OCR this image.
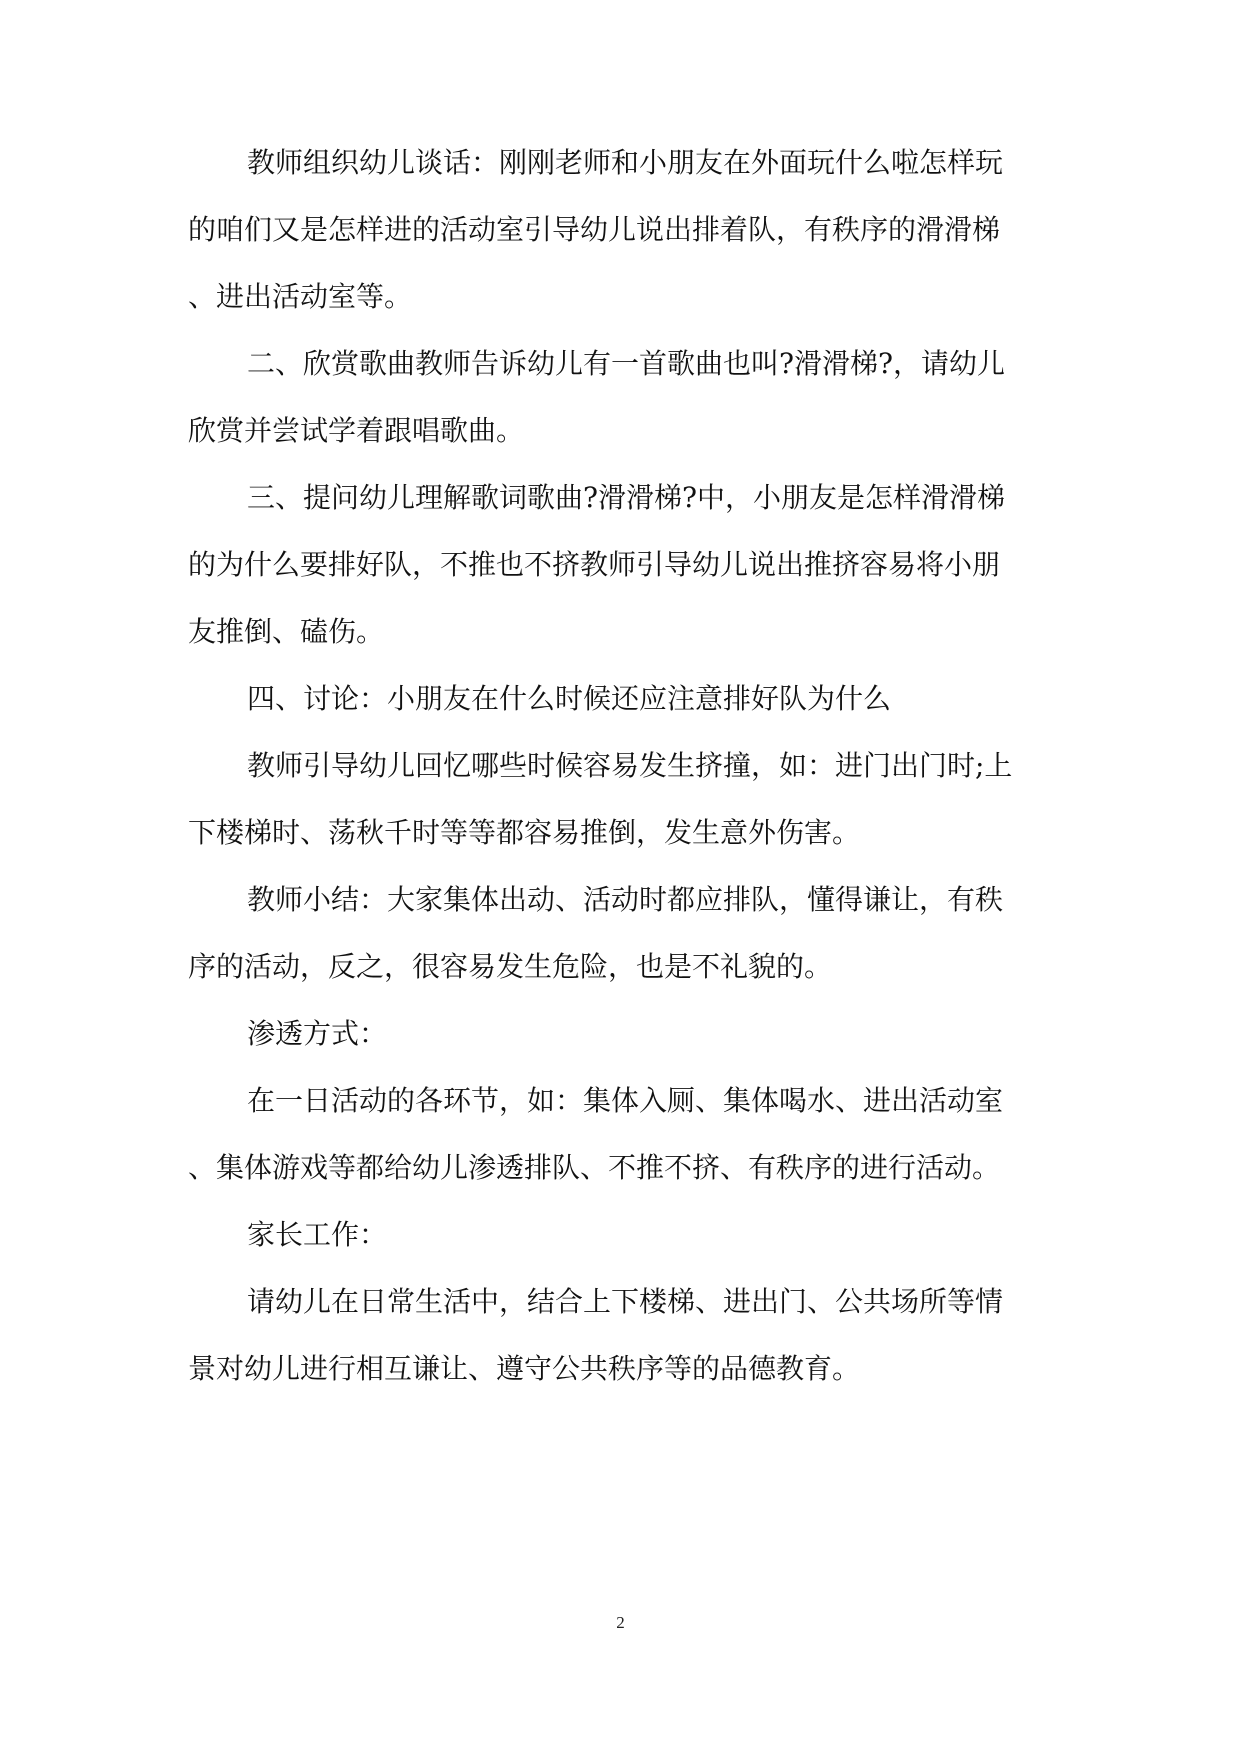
教师组织幼儿谈话：刚刚老师和小朋友在外面玩什么啦怎样玩
的咱们又是怎样进的活动室引导幼儿说出排着队，有秩序的滑滑梯
、进出活动室等。
二、欣赏歌曲教师告诉幼儿有一首歌曲也叫?滑滑梯?，请幼儿
欣赏并尝试学着跟唱歌曲。
三、提问幼儿理解歌词歌曲?滑滑梯?中，小朋友是怎样滑滑梯
的为什么要排好队，不推也不挤教师引导幼儿说出推挤容易将小朋
友推倒、磕伤。
四、讨论：小朋友在什么时候还应注意排好队为什么
教师引导幼儿回忆哪些时候容易发生挤撞，如：进门出门时;上
下楼梯时、荡秋千时等等都容易推倒，发生意外伤害。
教师小结：大家集体出动、活动时都应排队，懂得谦让，有秩
序的活动，反之，很容易发生危险，也是不礼貌的。
渗透方式：
在一日活动的各环节，如：集体入厕、集体喝水、进出活动室
、集体游戏等都给幼儿渗透排队、不推不挤、有秩序的进行活动。
家长工作：
请幼儿在日常生活中，结合上下楼梯、进出门、公共场所等情
景对幼儿进行相互谦让、遵守公共秩序等的品德教育。
2
